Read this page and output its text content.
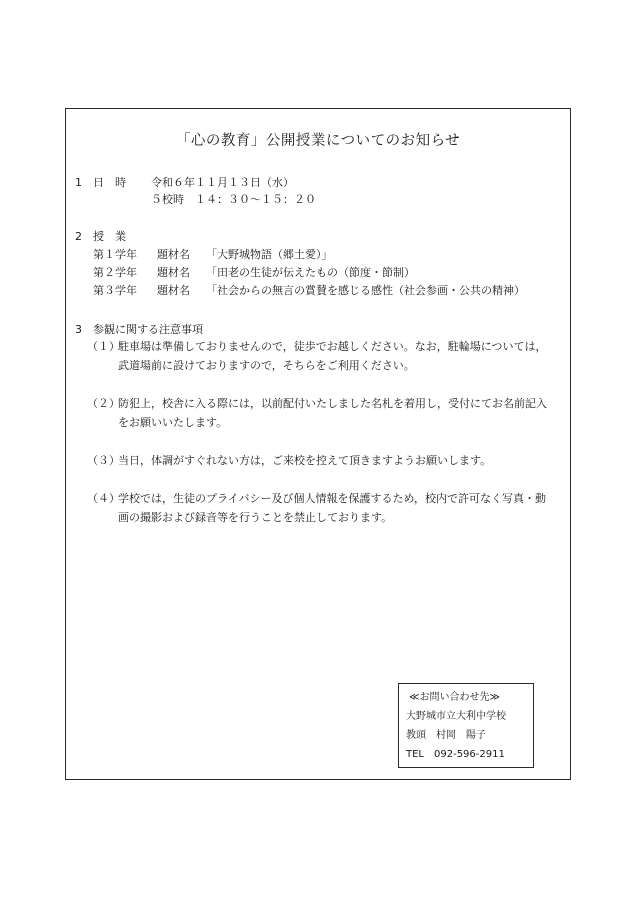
「心の教育」公開授業についてのお知らせ
1 日　時 令和６年１１月１３日（水）
５校時　１４：３０～１５：２０
2 授　業
第１学年 題材名 「大野城物語（郷土愛）」
第２学年 題材名 「田老の生徒が伝えたもの（節度・節制）
第３学年 題材名 「社会からの無言の賞賛を感じる感性（社会参画・公共の精神）
3 参観に関する注意事項
（１）
駐車場は準備しておりませんので，徒歩でお越しください。なお，駐輪場については，
武道場前に設けておりますので，そちらをご利用ください。
（２）
防犯上，校舎に入る際には，以前配付いたしました名札を着用し，受付にてお名前記入
をお願いいたします。
（３）
当日，体調がすぐれない方は，ご来校を控えて頂きますようお願いします。
（４）
学校では，生徒のプライバシー及び個人情報を保護するため，校内で許可なく写真・動
画の撮影および録音等を行うことを禁止しております。
≪お問い合わせ先≫
大野城市立大利中学校
教頭　村岡　陽子
TEL　092-596-2911
